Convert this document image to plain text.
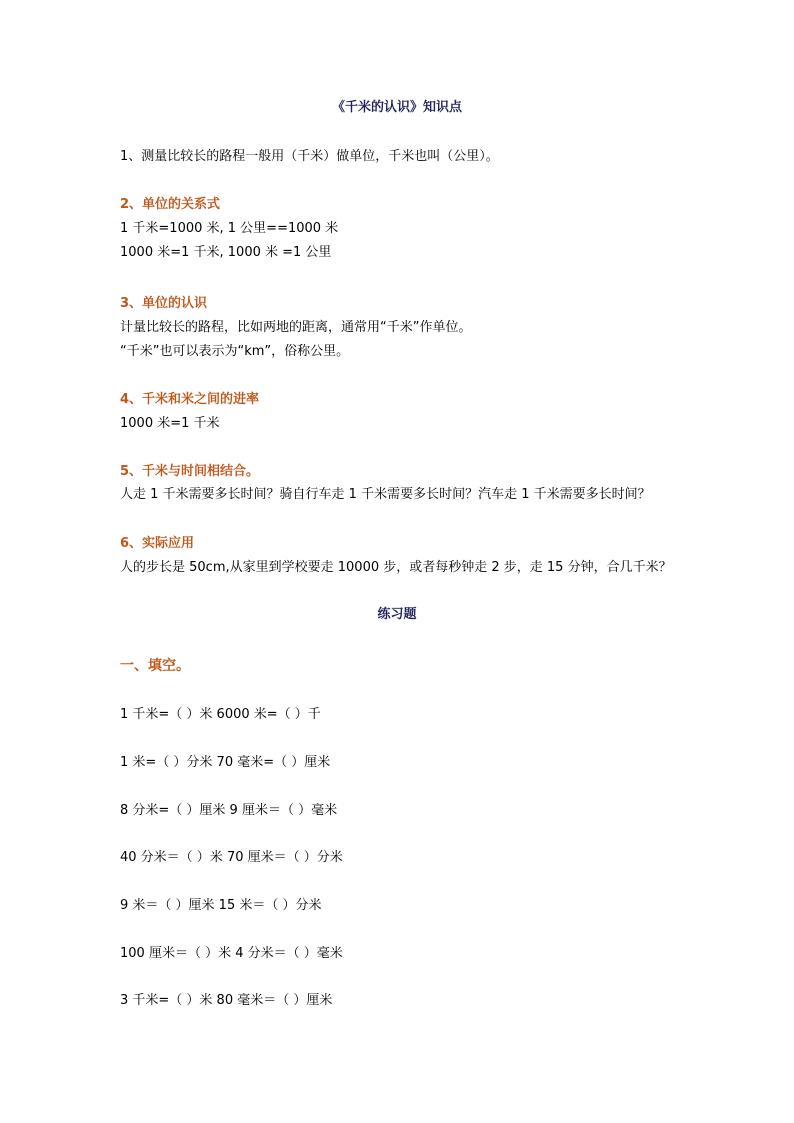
《千米的认识》知识点
1、测量比较长的路程一般用（千米）做单位，千米也叫（公里）。
2、单位的关系式
1 千米=1000 米, 1 公里==1000 米
1000 米=1 千米, 1000 米 =1 公里
3、单位的认识
计量比较长的路程，比如两地的距离，通常用“千米”作单位。
“千米”也可以表示为“km”，俗称公里。
4、千米和米之间的进率
1000 米=1 千米
5、千米与时间相结合。
人走 1 千米需要多长时间？骑自行车走 1 千米需要多长时间？汽车走 1 千米需要多长时间？
6、实际应用
人的步长是 50cm,从家里到学校要走 10000 步，或者每秒钟走 2 步，走 15 分钟，合几千米？
练习题
一、填空。
1 千米=（ ）米 6000 米=（ ）千
1 米=（ ）分米 70 毫米=（ ）厘米
8 分米=（ ）厘米 9 厘米＝（ ）毫米
40 分米＝（ ）米 70 厘米＝（ ）分米
9 米＝（ ）厘米 15 米＝（ ）分米
100 厘米＝（ ）米 4 分米＝（ ）毫米
3 千米=（ ）米 80 毫米＝（ ）厘米
